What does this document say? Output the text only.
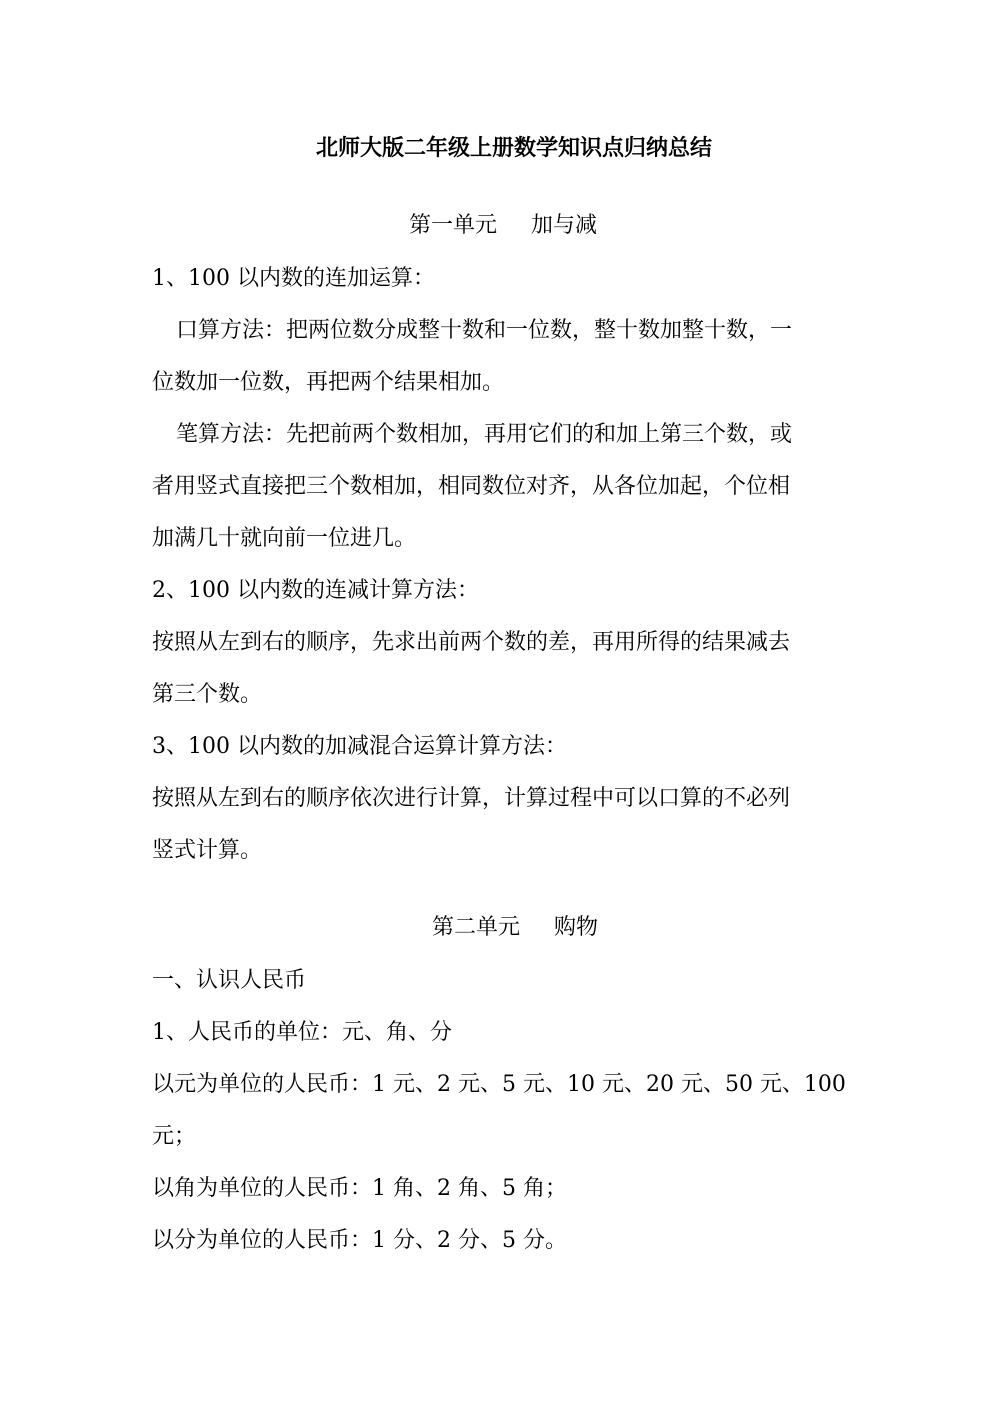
北师大版二年级上册数学知识点归纳总结
第一单元 加与减
1、100 以内数的连加运算：
口算方法：把两位数分成整十数和一位数，整十数加整十数，一
位数加一位数，再把两个结果相加。
笔算方法：先把前两个数相加，再用它们的和加上第三个数，或
者用竖式直接把三个数相加，相同数位对齐，从各位加起，个位相
加满几十就向前一位进几。
2、100 以内数的连减计算方法：
按照从左到右的顺序，先求出前两个数的差，再用所得的结果减去
第三个数。
3、100 以内数的加减混合运算计算方法：
按照从左到右的顺序依次进行计算，计算过程中可以口算的不必列
竖式计算。
第二单元 购物
一、认识人民币
1、人民币的单位：元、角、分
以元为单位的人民币：1 元、2 元、5 元、10 元、20 元、50 元、100
元；
以角为单位的人民币：1 角、2 角、5 角；
以分为单位的人民币：1 分、2 分、5 分。
